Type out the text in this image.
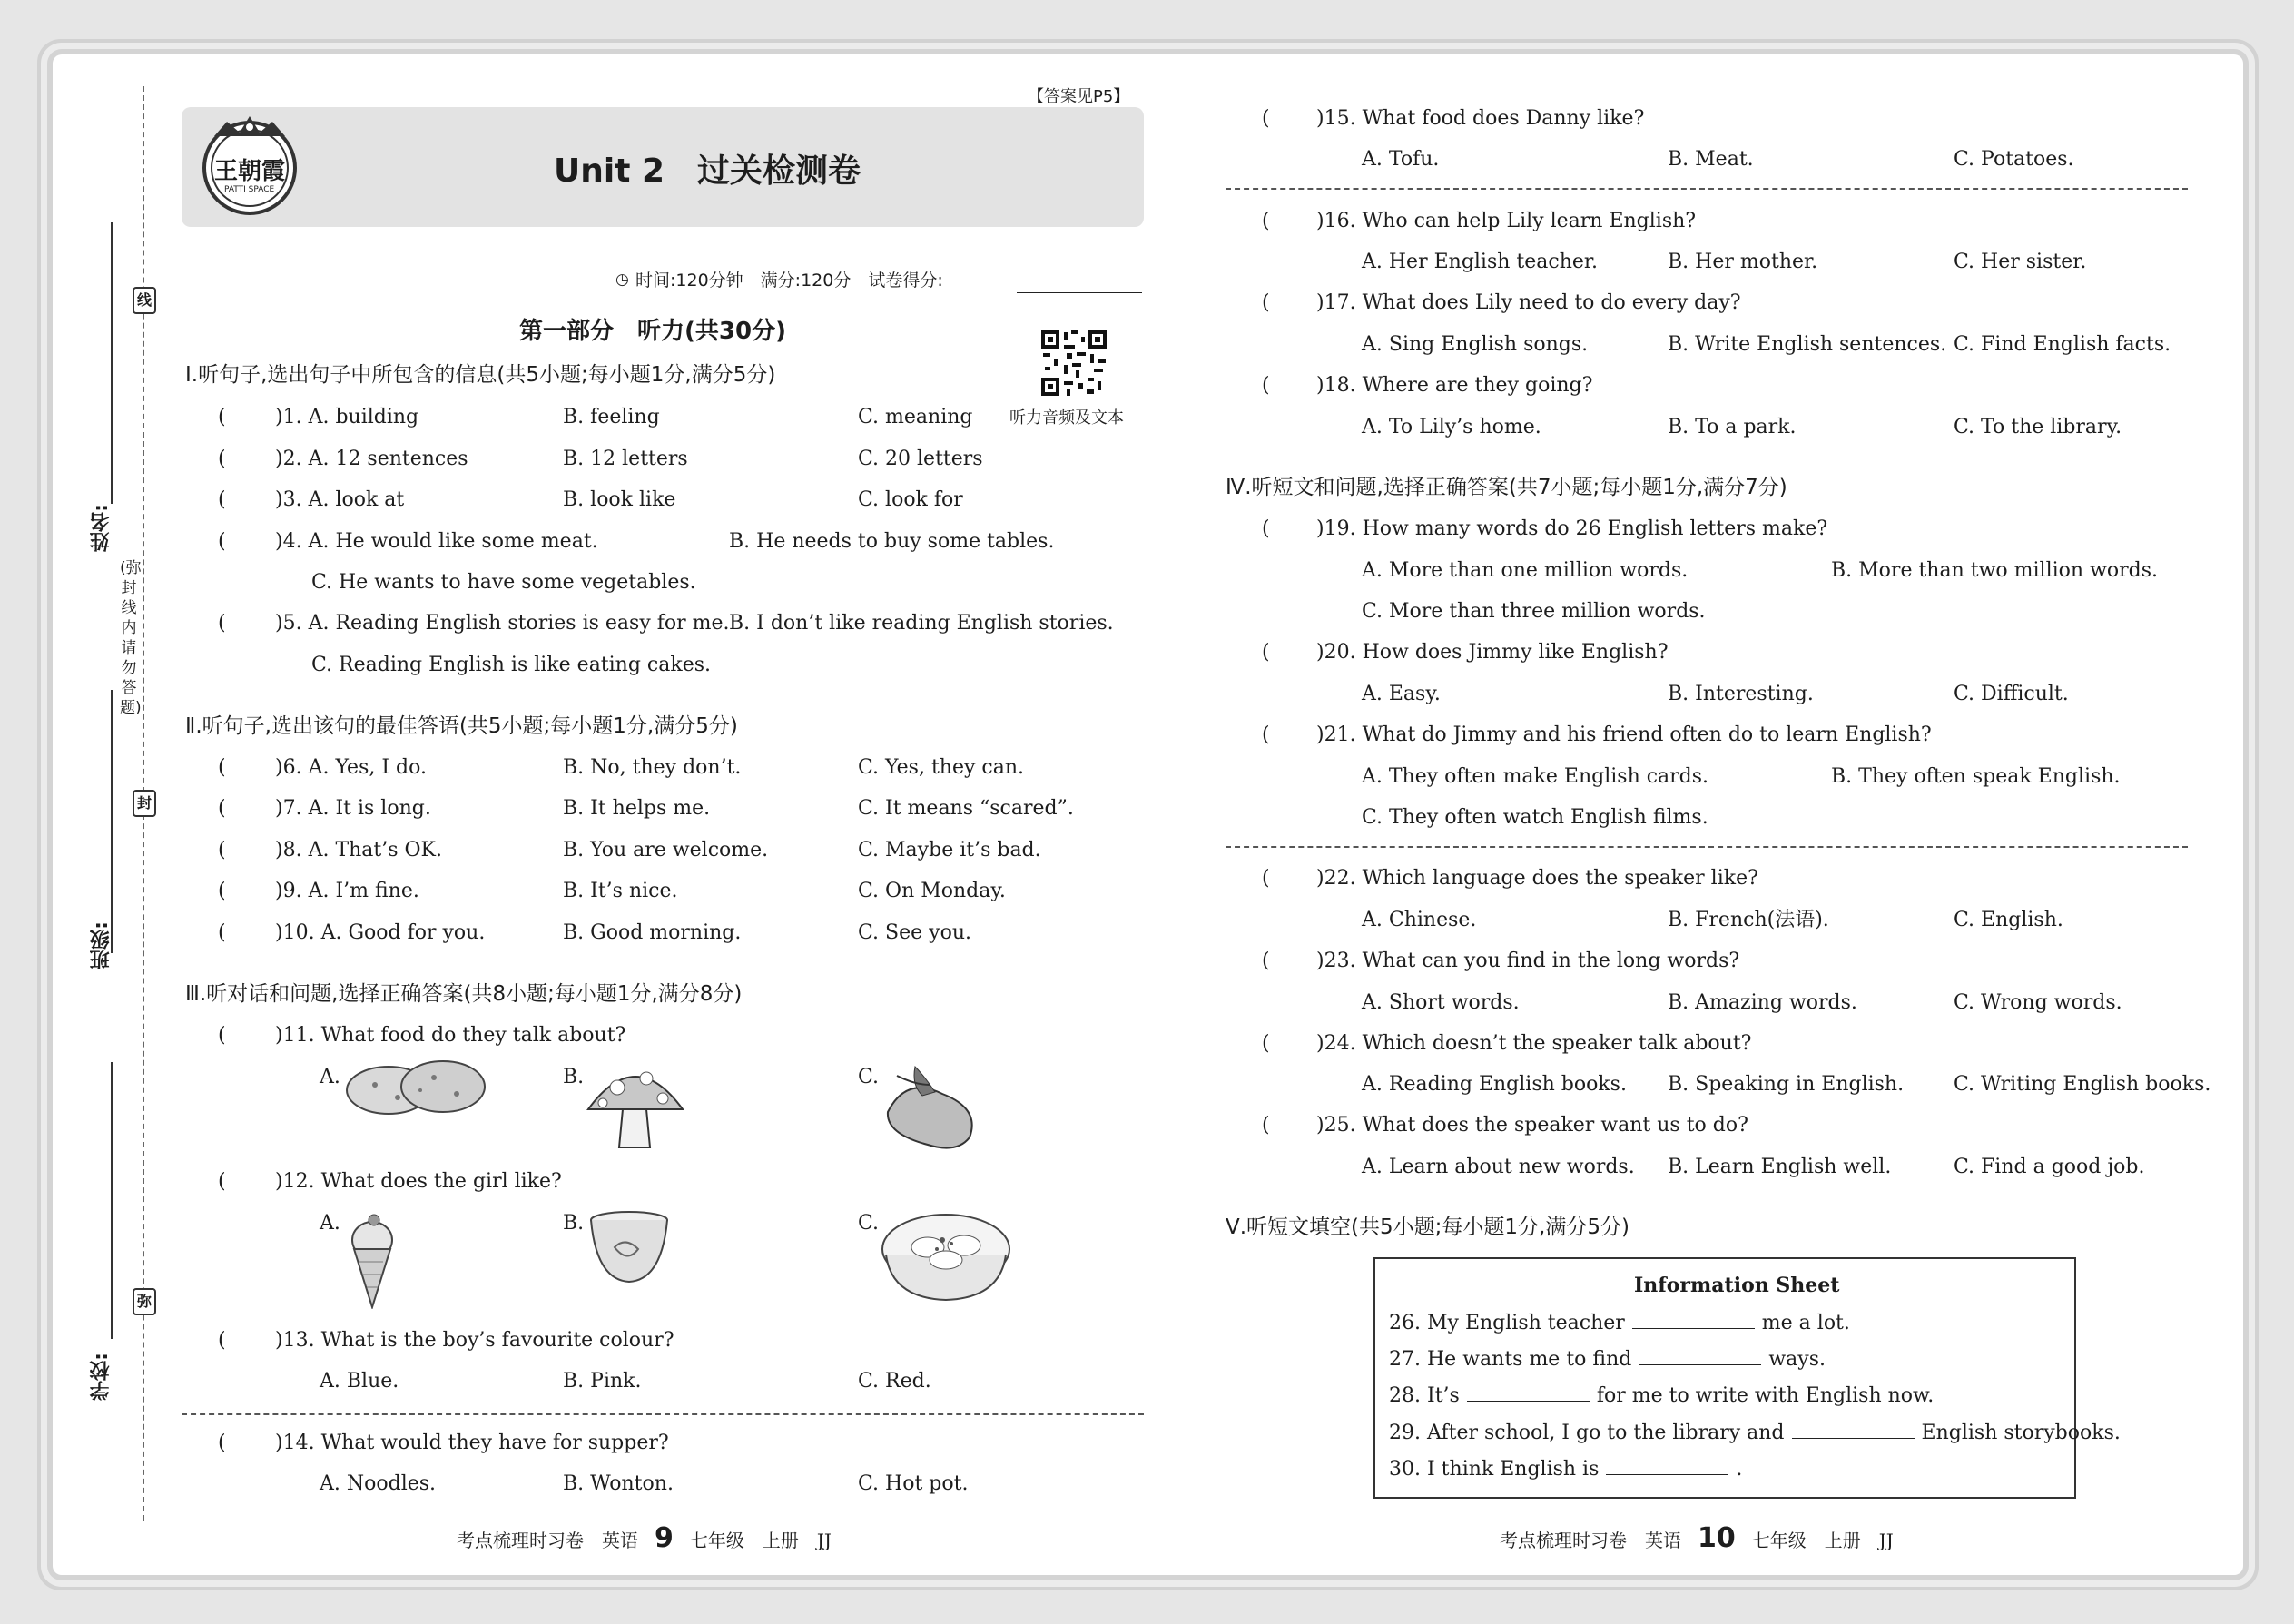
姓名:
班级:
学校:
线
封
弥
(弥封线内请勿答题)
【答案见P5】
王朝霞
PATTI SPACE	Unit 2　过关检测卷
◷ 时间:120分钟　满分:120分　试卷得分:
第一部分　听力(共30分)
听力音频及文本
Ⅰ.听句子,选出句子中所包含的信息(共5小题;每小题1分,满分5分)
( )1. A. building	B. feeling	C. meaning
( )2. A. 12 sentences	B. 12 letters	C. 20 letters
( )3. A. look at	B. look like	C. look for
( )4. A. He would like some meat.	B. He needs to buy some tables.
C. He wants to have some vegetables.
( )5. A. Reading English stories is easy for me. B. I don’t like reading English stories.
C. Reading English is like eating cakes.
Ⅱ.听句子,选出该句的最佳答语(共5小题;每小题1分,满分5分)
( )6. A. Yes, I do.	B. No, they don’t.	C. Yes, they can.
( )7. A. It is long.	B. It helps me.	C. It means “scared”.
( )8. A. That’s OK.	B. You are welcome.	C. Maybe it’s bad.
( )9. A. I’m fine.	B. It’s nice.	C. On Monday.
( )10. A. Good for you.	B. Good morning.	C. See you.
Ⅲ.听对话和问题,选择正确答案(共8小题;每小题1分,满分8分)
( )11. What food do they talk about?
A.	B.	C.
( )12. What does the girl like?
A.	B.	C.
( )13. What is the boy’s favourite colour?
A. Blue.	B. Pink.	C. Red.
( )14. What would they have for supper?
A. Noodles.	B. Wonton.	C. Hot pot.
( )15. What food does Danny like?
A. Tofu.	B. Meat.	C. Potatoes.
( )16. Who can help Lily learn English?
A. Her English teacher.	B. Her mother.	C. Her sister.
( )17. What does Lily need to do every day?
A. Sing English songs.	B. Write English sentences. C. Find English facts.
( )18. Where are they going?
A. To Lily’s home.	B. To a park.	C. To the library.
Ⅳ.听短文和问题,选择正确答案(共7小题;每小题1分,满分7分)
( )19. How many words do 26 English letters make?
A. More than one million words.	B. More than two million words.
C. More than three million words.
( )20. How does Jimmy like English?
A. Easy.	B. Interesting.	C. Difficult.
( )21. What do Jimmy and his friend often do to learn English?
A. They often make English cards.	B. They often speak English.
C. They often watch English films.
( )22. Which language does the speaker like?
A. Chinese.	B. French(法语).	C. English.
( )23. What can you find in the long words?
A. Short words.	B. Amazing words.	C. Wrong words.
( )24. Which doesn’t the speaker talk about?
A. Reading English books. B. Speaking in English. C. Writing English books.
( )25. What does the speaker want us to do?
A. Learn about new words. B. Learn English well.	C. Find a good job.
Ⅴ.听短文填空(共5小题;每小题1分,满分5分)
Information Sheet
26. My English teacher	me a lot.
27. He wants me to find	ways.
28. It’s	for me to write with English now.
29. After school, I go to the library and	English storybooks.
30. I think English is	.
考点梳理时习卷　英语 9 七年级　上册　JJ	考点梳理时习卷　英语 10 七年级　上册　JJ
